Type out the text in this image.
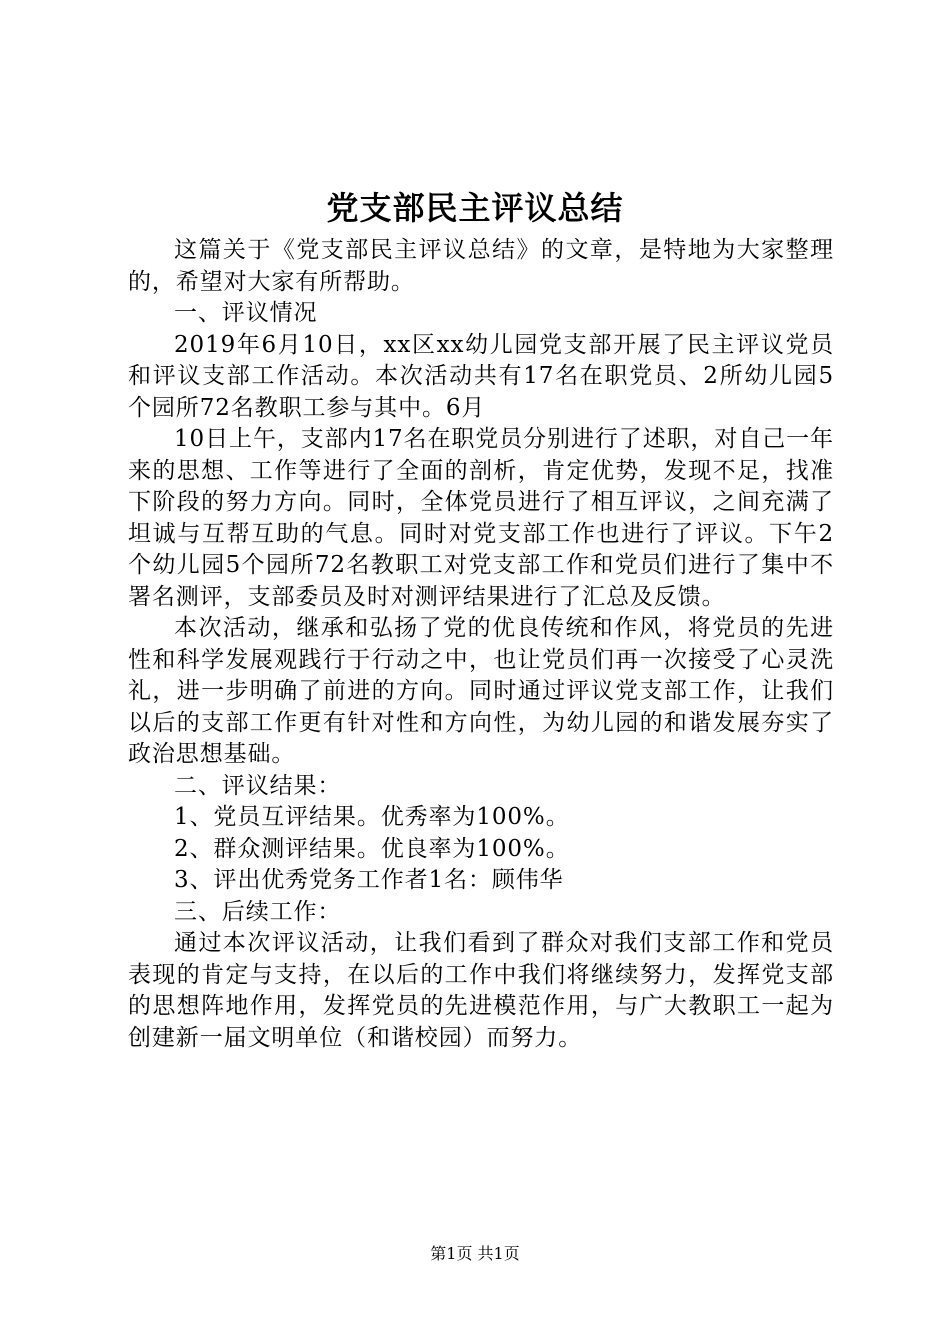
党支部民主评议总结

这篇关于《党支部民主评议总结》的文章，是特地为大家整理的，希望对大家有所帮助。

一、评议情况

2019年6月10日，xx区xx幼儿园党支部开展了民主评议党员和评议支部工作活动。本次活动共有17名在职党员、2所幼儿园5个园所72名教职工参与其中。6月

10日上午，支部内17名在职党员分别进行了述职，对自己一年来的思想、工作等进行了全面的剖析，肯定优势，发现不足，找准下阶段的努力方向。同时，全体党员进行了相互评议，之间充满了坦诚与互帮互助的气息。同时对党支部工作也进行了评议。下午2个幼儿园5个园所72名教职工对党支部工作和党员们进行了集中不署名测评，支部委员及时对测评结果进行了汇总及反馈。

本次活动，继承和弘扬了党的优良传统和作风，将党员的先进性和科学发展观践行于行动之中，也让党员们再一次接受了心灵洗礼，进一步明确了前进的方向。同时通过评议党支部工作，让我们以后的支部工作更有针对性和方向性，为幼儿园的和谐发展夯实了政治思想基础。

二、评议结果：

1、党员互评结果。优秀率为100%。

2、群众测评结果。优良率为100%。

3、评出优秀党务工作者1名：顾伟华

三、后续工作：

通过本次评议活动，让我们看到了群众对我们支部工作和党员表现的肯定与支持，在以后的工作中我们将继续努力，发挥党支部的思想阵地作用，发挥党员的先进模范作用，与广大教职工一起为创建新一届文明单位（和谐校园）而努力。

第1页 共1页
